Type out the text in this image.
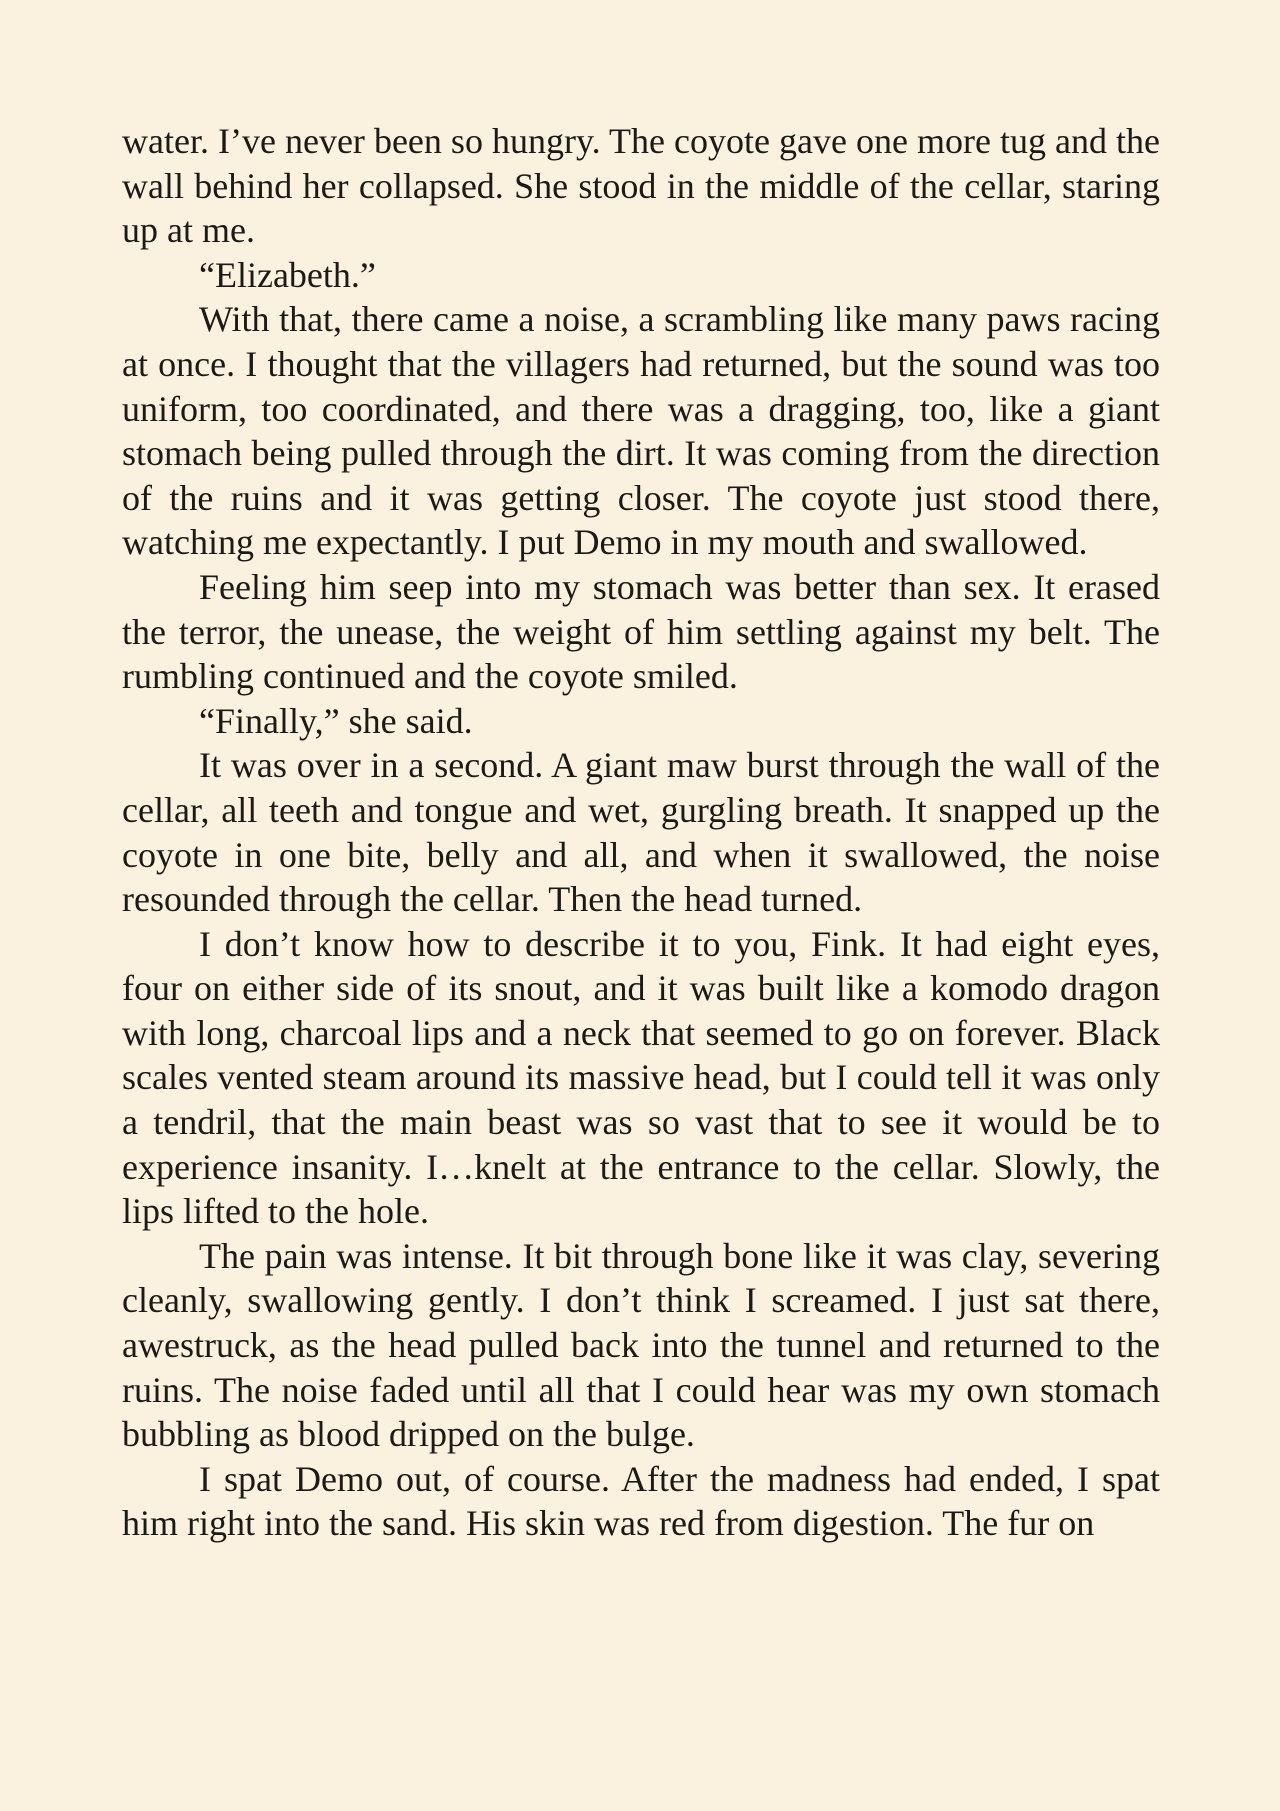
water. I’ve never been so hungry. The coyote gave one more tug and the wall behind her collapsed. She stood in the middle of the cellar, staring up at me.

“Elizabeth.”

With that, there came a noise, a scrambling like many paws racing at once. I thought that the villagers had returned, but the sound was too uniform, too coordinated, and there was a dragging, too, like a giant stomach being pulled through the dirt. It was coming from the direction of the ruins and it was getting closer. The coyote just stood there, watching me expectantly. I put Demo in my mouth and swallowed.

Feeling him seep into my stomach was better than sex. It erased the terror, the unease, the weight of him settling against my belt. The rumbling continued and the coyote smiled.

“Finally,” she said.

It was over in a second. A giant maw burst through the wall of the cellar, all teeth and tongue and wet, gurgling breath. It snapped up the coyote in one bite, belly and all, and when it swallowed, the noise resounded through the cellar. Then the head turned.

I don’t know how to describe it to you, Fink. It had eight eyes, four on either side of its snout, and it was built like a komodo dragon with long, charcoal lips and a neck that seemed to go on forever. Black scales vented steam around its massive head, but I could tell it was only a tendril, that the main beast was so vast that to see it would be to experience insanity. I…knelt at the entrance to the cellar. Slowly, the lips lifted to the hole.

The pain was intense. It bit through bone like it was clay, severing cleanly, swallowing gently. I don’t think I screamed. I just sat there, awestruck, as the head pulled back into the tunnel and returned to the ruins. The noise faded until all that I could hear was my own stomach bubbling as blood dripped on the bulge.

I spat Demo out, of course. After the madness had ended, I spat him right into the sand. His skin was red from digestion. The fur on
